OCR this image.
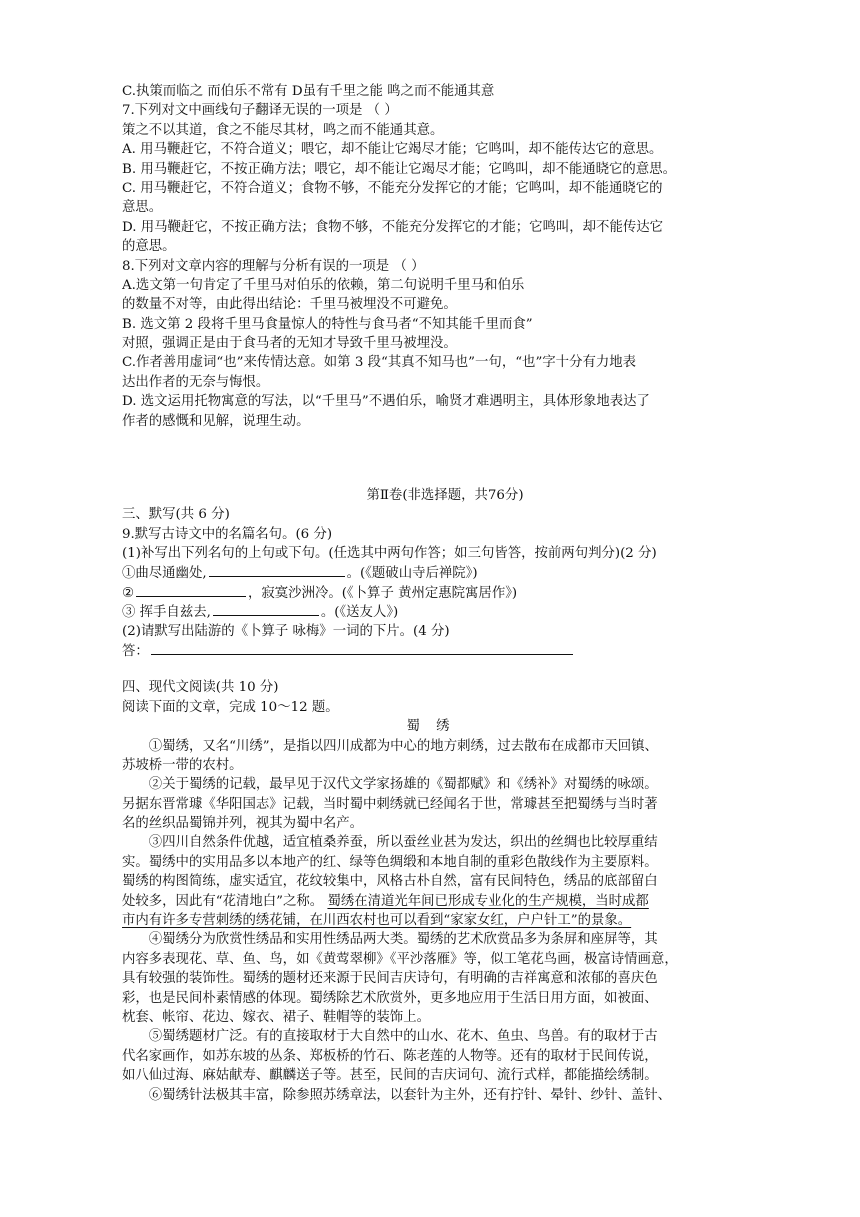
C.执策而临之 而伯乐不常有 D虽有千里之能 鸣之而不能通其意
7.下列对文中画线句子翻译无误的一项是 （ ）
策之不以其道，食之不能尽其材，鸣之而不能通其意。
A. 用马鞭赶它，不符合道义；喂它，却不能让它竭尽才能；它鸣叫，却不能传达它的意思。
B. 用马鞭赶它，不按正确方法；喂它，却不能让它竭尽才能；它鸣叫，却不能通晓它的意思。
C. 用马鞭赶它，不符合道义；食物不够，不能充分发挥它的才能；它鸣叫，却不能通晓它的
意思。
D. 用马鞭赶它，不按正确方法；食物不够，不能充分发挥它的才能；它鸣叫，却不能传达它
的意思。
8.下列对文章内容的理解与分析有误的一项是 （ ）
A.选文第一句肯定了千里马对伯乐的依赖，第二句说明千里马和伯乐
的数量不对等，由此得出结论：千里马被埋没不可避免。
B. 选文第 2 段将千里马食量惊人的特性与食马者“不知其能千里而食”
对照，强调正是由于食马者的无知才导致千里马被埋没。
C.作者善用虚词“也”来传情达意。如第 3 段“其真不知马也”一句，“也”字十分有力地表
达出作者的无奈与悔恨。
D. 选文运用托物寓意的写法，以“千里马”不遇伯乐，喻贤才难遇明主，具体形象地表达了
作者的感慨和见解，说理生动。
第Ⅱ卷(非选择题，共76分)
三、默写(共 6 分)
9.默写古诗文中的名篇名句。(6 分)
(1)补写出下列名句的上句或下句。(任选其中两句作答；如三句皆答，按前两句判分)(2 分)
①曲尽通幽处,	。(《题破山寺后禅院》)
②	，寂寞沙洲冷。(《卜算子 黄州定惠院寓居作》)
③ 挥手自兹去,	。(《送友人》)
(2)请默写出陆游的《卜算子 咏梅》一词的下片。(4 分)
答：
四、现代文阅读(共 10 分)
阅读下面的文章，完成 10～12 题。
蜀 绣
①蜀绣，又名“川绣”，是指以四川成都为中心的地方刺绣，过去散布在成都市天回镇、
苏坡桥一带的农村。
②关于蜀绣的记载，最早见于汉代文学家扬雄的《蜀都赋》和《绣补》对蜀绣的咏颂。
另据东晋常璩《华阳国志》记载，当时蜀中刺绣就已经闻名于世，常璩甚至把蜀绣与当时著
名的丝织品蜀锦并列，视其为蜀中名产。
③四川自然条件优越，适宜植桑养蚕，所以蚕丝业甚为发达，织出的丝绸也比较厚重结
实。蜀绣中的实用品多以本地产的红、绿等色绸缎和本地自制的重彩色散线作为主要原料。
蜀绣的构图简练，虚实适宜，花纹较集中，风格古朴自然，富有民间特色，绣品的底部留白
处较多，因此有“花清地白”之称。 蜀绣在清道光年间已形成专业化的生产规模，当时成都
市内有许多专营刺绣的绣花铺，在川西农村也可以看到“家家女红，户户针工”的景象。
④蜀绣分为欣赏性绣品和实用性绣品两大类。蜀绣的艺术欣赏品多为条屏和座屏等，其
内容多表现花、草、鱼、鸟，如《黄莺翠柳》《平沙落雁》等，似工笔花鸟画，极富诗情画意，
具有较强的装饰性。蜀绣的题材还来源于民间吉庆诗句，有明确的吉祥寓意和浓郁的喜庆色
彩，也是民间朴素情感的体现。蜀绣除艺术欣赏外，更多地应用于生活日用方面，如被面、
枕套、帐帘、花边、嫁衣、裙子、鞋帽等的装饰上。
⑤蜀绣题材广泛。有的直接取材于大自然中的山水、花木、鱼虫、鸟兽。有的取材于古
代名家画作，如苏东坡的丛条、郑板桥的竹石、陈老莲的人物等。还有的取材于民间传说，
如八仙过海、麻姑献寿、麒麟送子等。甚至，民间的吉庆词句、流行式样，都能描绘绣制。
⑥蜀绣针法极其丰富，除参照苏绣章法，以套针为主外，还有拧针、晕针、纱针、盖针、
